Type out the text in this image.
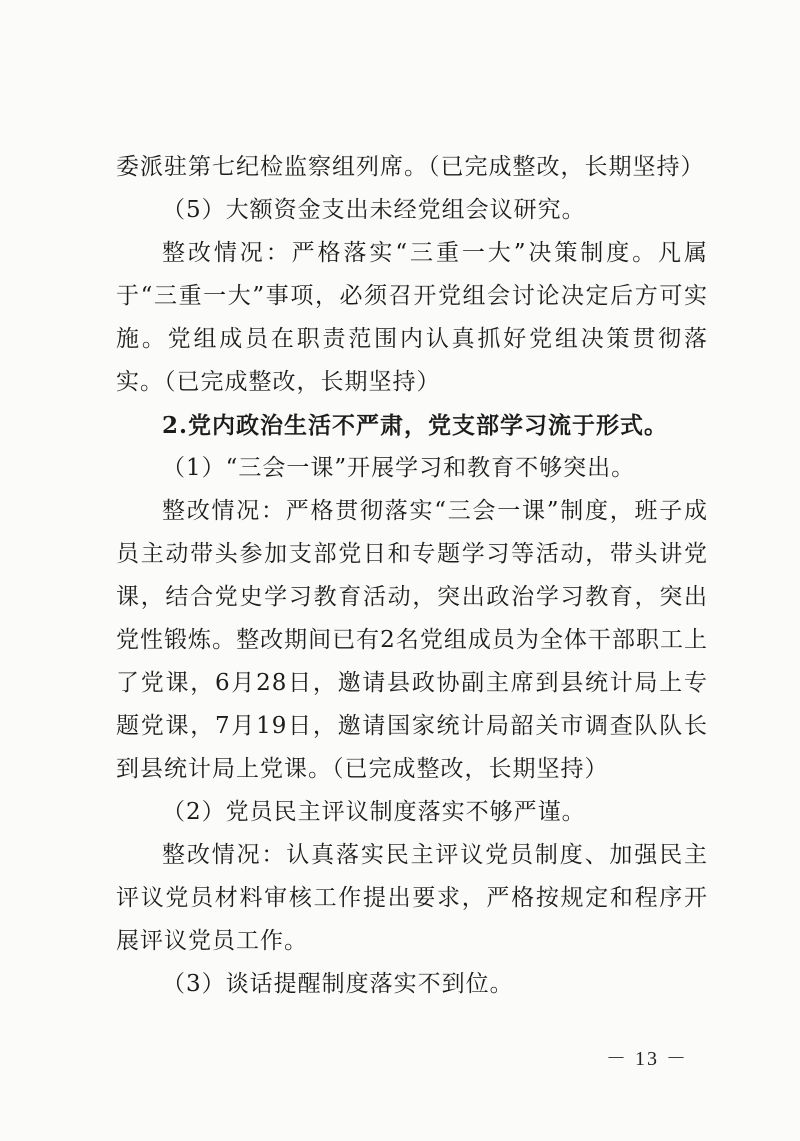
委派驻第七纪检监察组列席。（已完成整改，长期坚持）

（5）大额资金支出未经党组会议研究。

整改情况：严格落实“三重一大”决策制度。凡属于“三重一大”事项，必须召开党组会讨论决定后方可实施。党组成员在职责范围内认真抓好党组决策贯彻落实。（已完成整改，长期坚持）

2.党内政治生活不严肃，党支部学习流于形式。

（1）“三会一课”开展学习和教育不够突出。

整改情况：严格贯彻落实“三会一课”制度，班子成员主动带头参加支部党日和专题学习等活动，带头讲党课，结合党史学习教育活动，突出政治学习教育，突出党性锻炼。整改期间已有2名党组成员为全体干部职工上了党课，6月28日，邀请县政协副主席到县统计局上专题党课，7月19日，邀请国家统计局韶关市调查队队长到县统计局上党课。（已完成整改，长期坚持）

（2）党员民主评议制度落实不够严谨。

整改情况：认真落实民主评议党员制度、加强民主评议党员材料审核工作提出要求，严格按规定和程序开展评议党员工作。

（3）谈话提醒制度落实不到位。

－ 13 －
